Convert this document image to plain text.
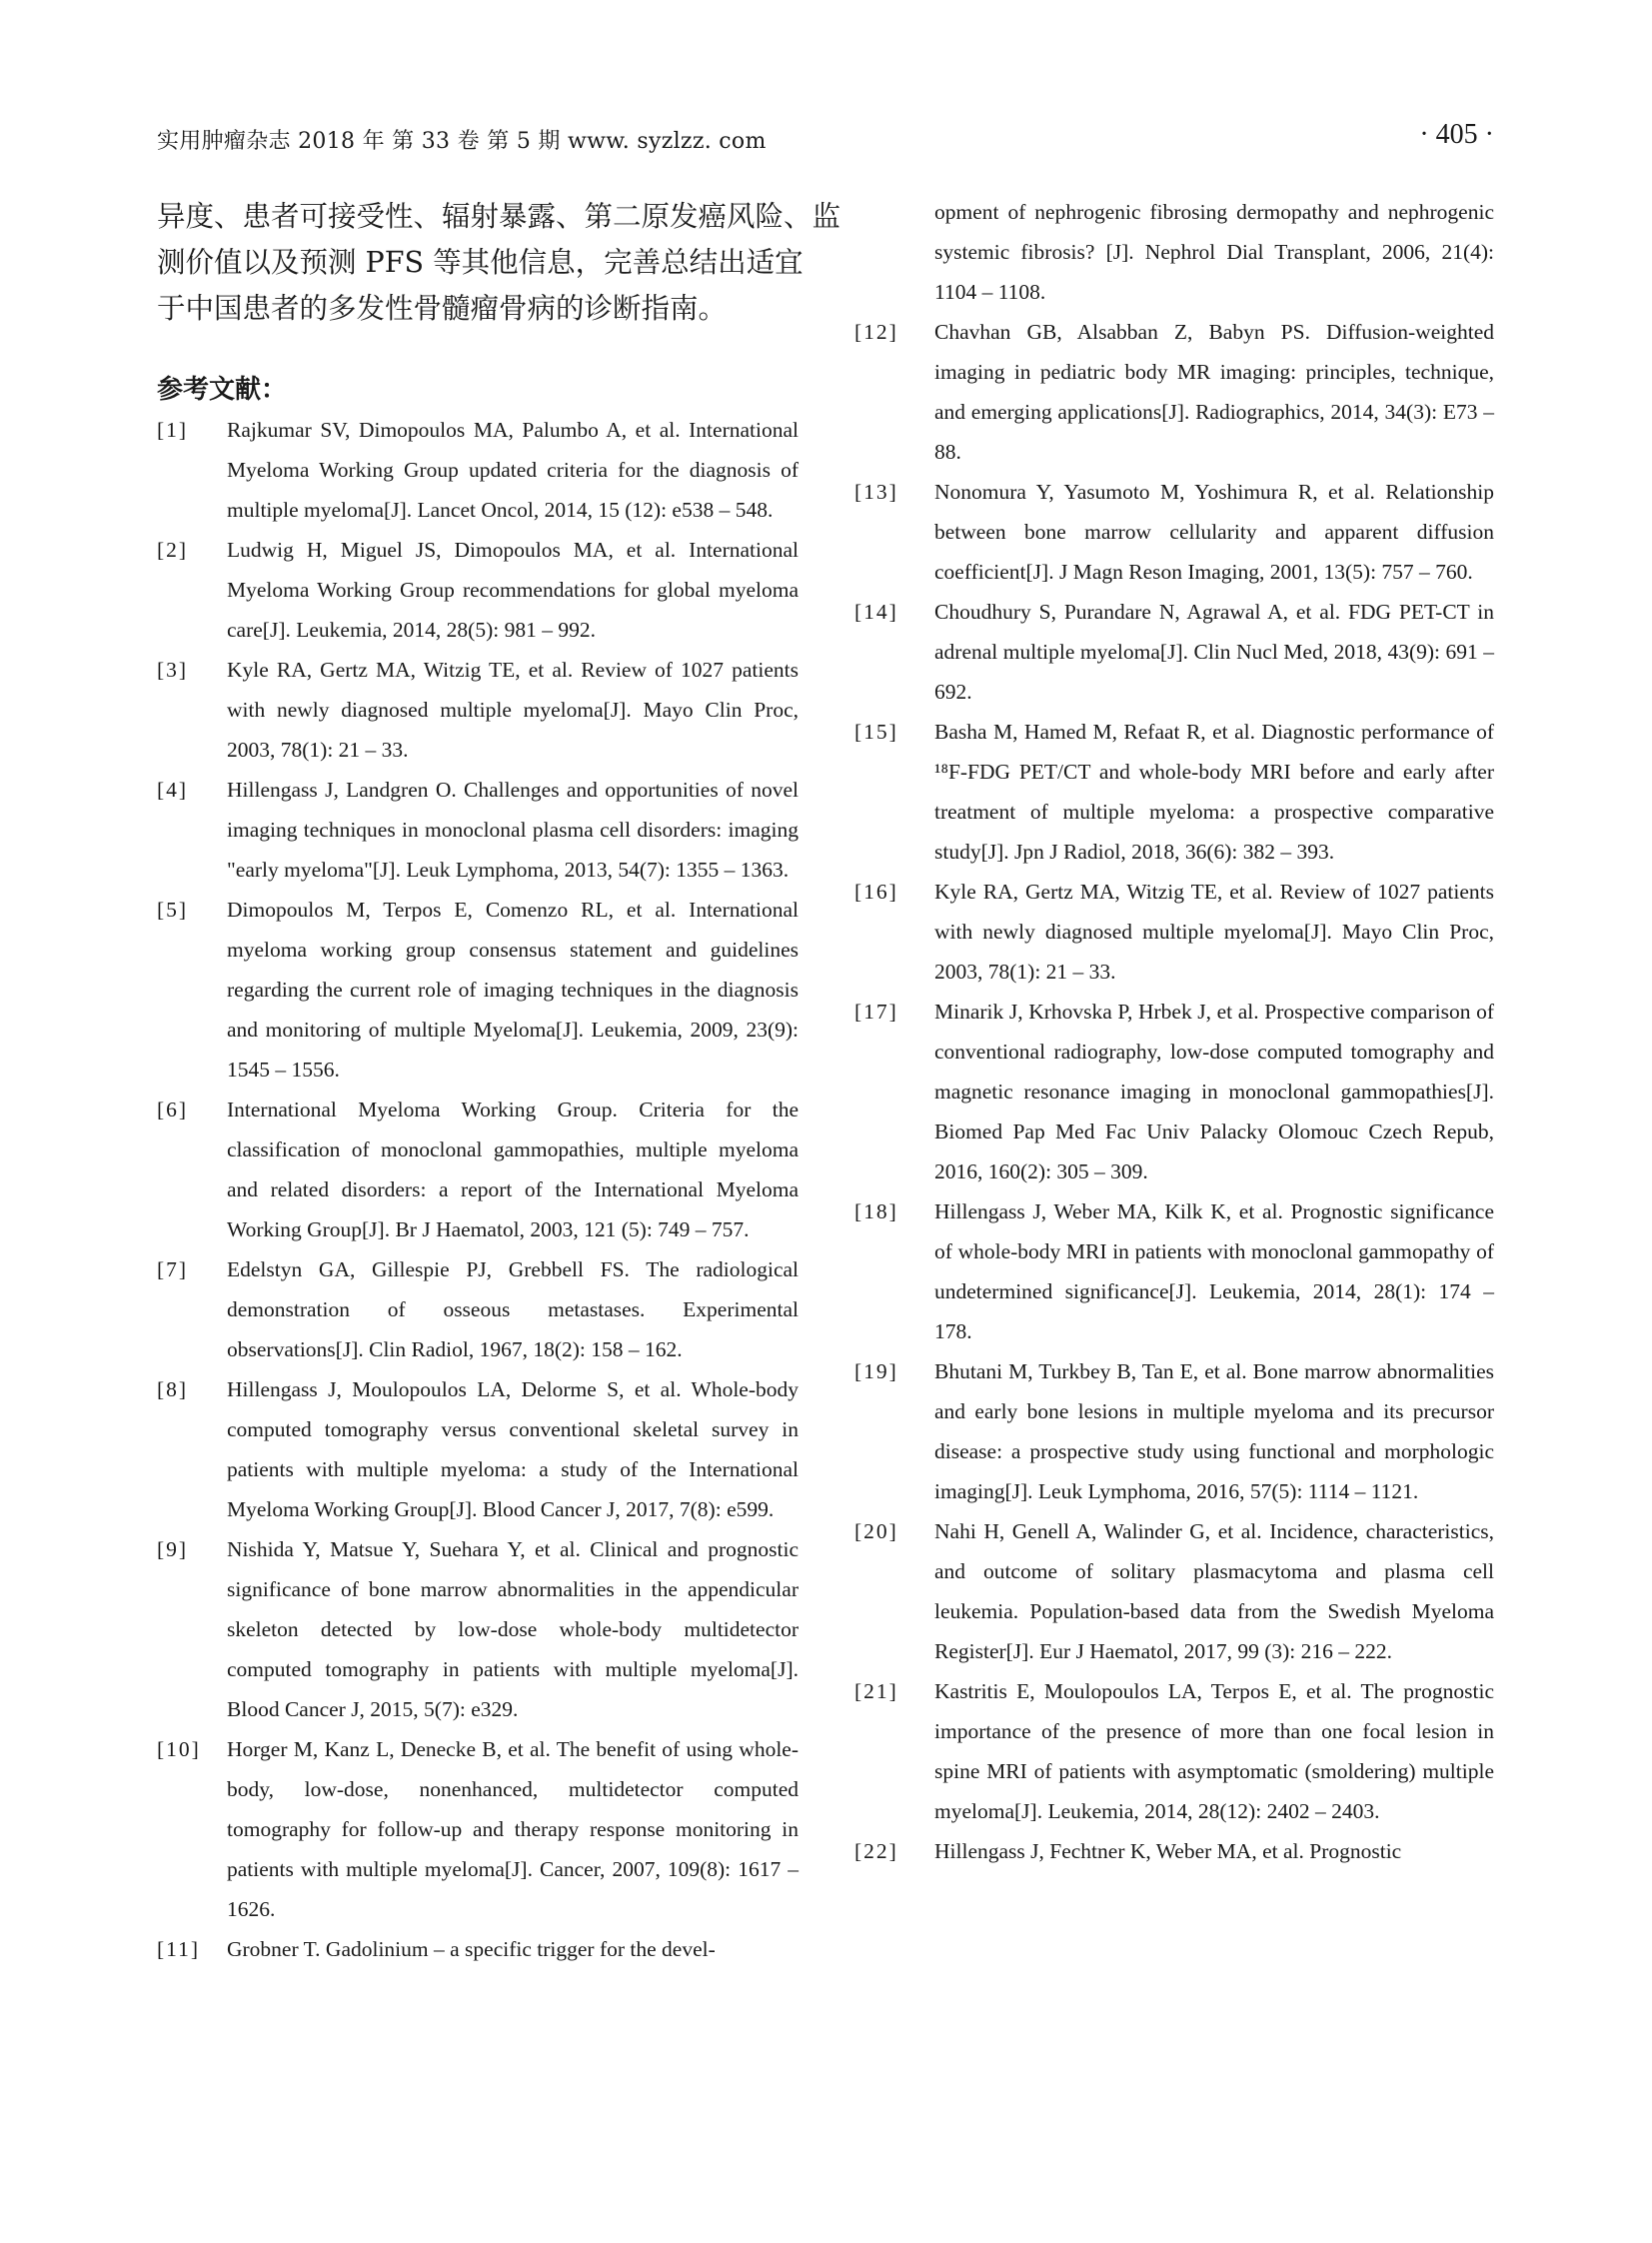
实用肿瘤杂志 2018 年 第 33 卷 第 5 期 www. syzlzz. com	· 405 ·

异度、患者可接受性、辐射暴露、第二原发癌风险、监

测价值以及预测 PFS 等其他信息，完善总结出适宜

于中国患者的多发性骨髓瘤骨病的诊断指南。

参考文献：
[1]	Rajkumar SV, Dimopoulos MA, Palumbo A, et al. International Myeloma Working Group updated criteria for the diagnosis of multiple myeloma[J]. Lancet Oncol, 2014, 15 (12): e538 – 548.
[2]	Ludwig H, Miguel JS, Dimopoulos MA, et al. International Myeloma Working Group recommendations for global myeloma care[J]. Leukemia, 2014, 28(5): 981 – 992.
[3]	Kyle RA, Gertz MA, Witzig TE, et al. Review of 1027 patients with newly diagnosed multiple myeloma[J]. Mayo Clin Proc, 2003, 78(1): 21 – 33.
[4]	Hillengass J, Landgren O. Challenges and opportunities of novel imaging techniques in monoclonal plasma cell disorders: imaging "early myeloma"[J]. Leuk Lymphoma, 2013, 54(7): 1355 – 1363.
[5]	Dimopoulos M, Terpos E, Comenzo RL, et al. International myeloma working group consensus statement and guidelines regarding the current role of imaging techniques in the diagnosis and monitoring of multiple Myeloma[J]. Leukemia, 2009, 23(9): 1545 – 1556.
[6]	International Myeloma Working Group. Criteria for the classification of monoclonal gammopathies, multiple myeloma and related disorders: a report of the International Myeloma Working Group[J]. Br J Haematol, 2003, 121 (5): 749 – 757.
[7]	Edelstyn GA, Gillespie PJ, Grebbell FS. The radiological demonstration of osseous metastases. Experimental observations[J]. Clin Radiol, 1967, 18(2): 158 – 162.
[8]	Hillengass J, Moulopoulos LA, Delorme S, et al. Whole-body computed tomography versus conventional skeletal survey in patients with multiple myeloma: a study of the International Myeloma Working Group[J]. Blood Cancer J, 2017, 7(8): e599.
[9]	Nishida Y, Matsue Y, Suehara Y, et al. Clinical and prognostic significance of bone marrow abnormalities in the appendicular skeleton detected by low-dose whole-body multidetector computed tomography in patients with multiple myeloma[J]. Blood Cancer J, 2015, 5(7): e329.
[10]	Horger M, Kanz L, Denecke B, et al. The benefit of using whole-body, low-dose, nonenhanced, multidetector computed tomography for follow-up and therapy response monitoring in patients with multiple myeloma[J]. Cancer, 2007, 109(8): 1617 – 1626.
[11]	Grobner T. Gadolinium – a specific trigger for the devel-
opment of nephrogenic fibrosing dermopathy and nephrogenic systemic fibrosis? [J]. Nephrol Dial Transplant, 2006, 21(4): 1104 – 1108.
[12]	Chavhan GB, Alsabban Z, Babyn PS. Diffusion-weighted imaging in pediatric body MR imaging: principles, technique, and emerging applications[J]. Radiographics, 2014, 34(3): E73 – 88.
[13]	Nonomura Y, Yasumoto M, Yoshimura R, et al. Relationship between bone marrow cellularity and apparent diffusion coefficient[J]. J Magn Reson Imaging, 2001, 13(5): 757 – 760.
[14]	Choudhury S, Purandare N, Agrawal A, et al. FDG PET-CT in adrenal multiple myeloma[J]. Clin Nucl Med, 2018, 43(9): 691 – 692.
[15]	Basha M, Hamed M, Refaat R, et al. Diagnostic performance of ¹⁸F-FDG PET/CT and whole-body MRI before and early after treatment of multiple myeloma: a prospective comparative study[J]. Jpn J Radiol, 2018, 36(6): 382 – 393.
[16]	Kyle RA, Gertz MA, Witzig TE, et al. Review of 1027 patients with newly diagnosed multiple myeloma[J]. Mayo Clin Proc, 2003, 78(1): 21 – 33.
[17]	Minarik J, Krhovska P, Hrbek J, et al. Prospective comparison of conventional radiography, low-dose computed tomography and magnetic resonance imaging in monoclonal gammopathies[J]. Biomed Pap Med Fac Univ Palacky Olomouc Czech Repub, 2016, 160(2): 305 – 309.
[18]	Hillengass J, Weber MA, Kilk K, et al. Prognostic significance of whole-body MRI in patients with monoclonal gammopathy of undetermined significance[J]. Leukemia, 2014, 28(1): 174 – 178.
[19]	Bhutani M, Turkbey B, Tan E, et al. Bone marrow abnormalities and early bone lesions in multiple myeloma and its precursor disease: a prospective study using functional and morphologic imaging[J]. Leuk Lymphoma, 2016, 57(5): 1114 – 1121.
[20]	Nahi H, Genell A, Walinder G, et al. Incidence, characteristics, and outcome of solitary plasmacytoma and plasma cell leukemia. Population-based data from the Swedish Myeloma Register[J]. Eur J Haematol, 2017, 99 (3): 216 – 222.
[21]	Kastritis E, Moulopoulos LA, Terpos E, et al. The prognostic importance of the presence of more than one focal lesion in spine MRI of patients with asymptomatic (smoldering) multiple myeloma[J]. Leukemia, 2014, 28(12): 2402 – 2403.
[22]	Hillengass J, Fechtner K, Weber MA, et al. Prognostic
